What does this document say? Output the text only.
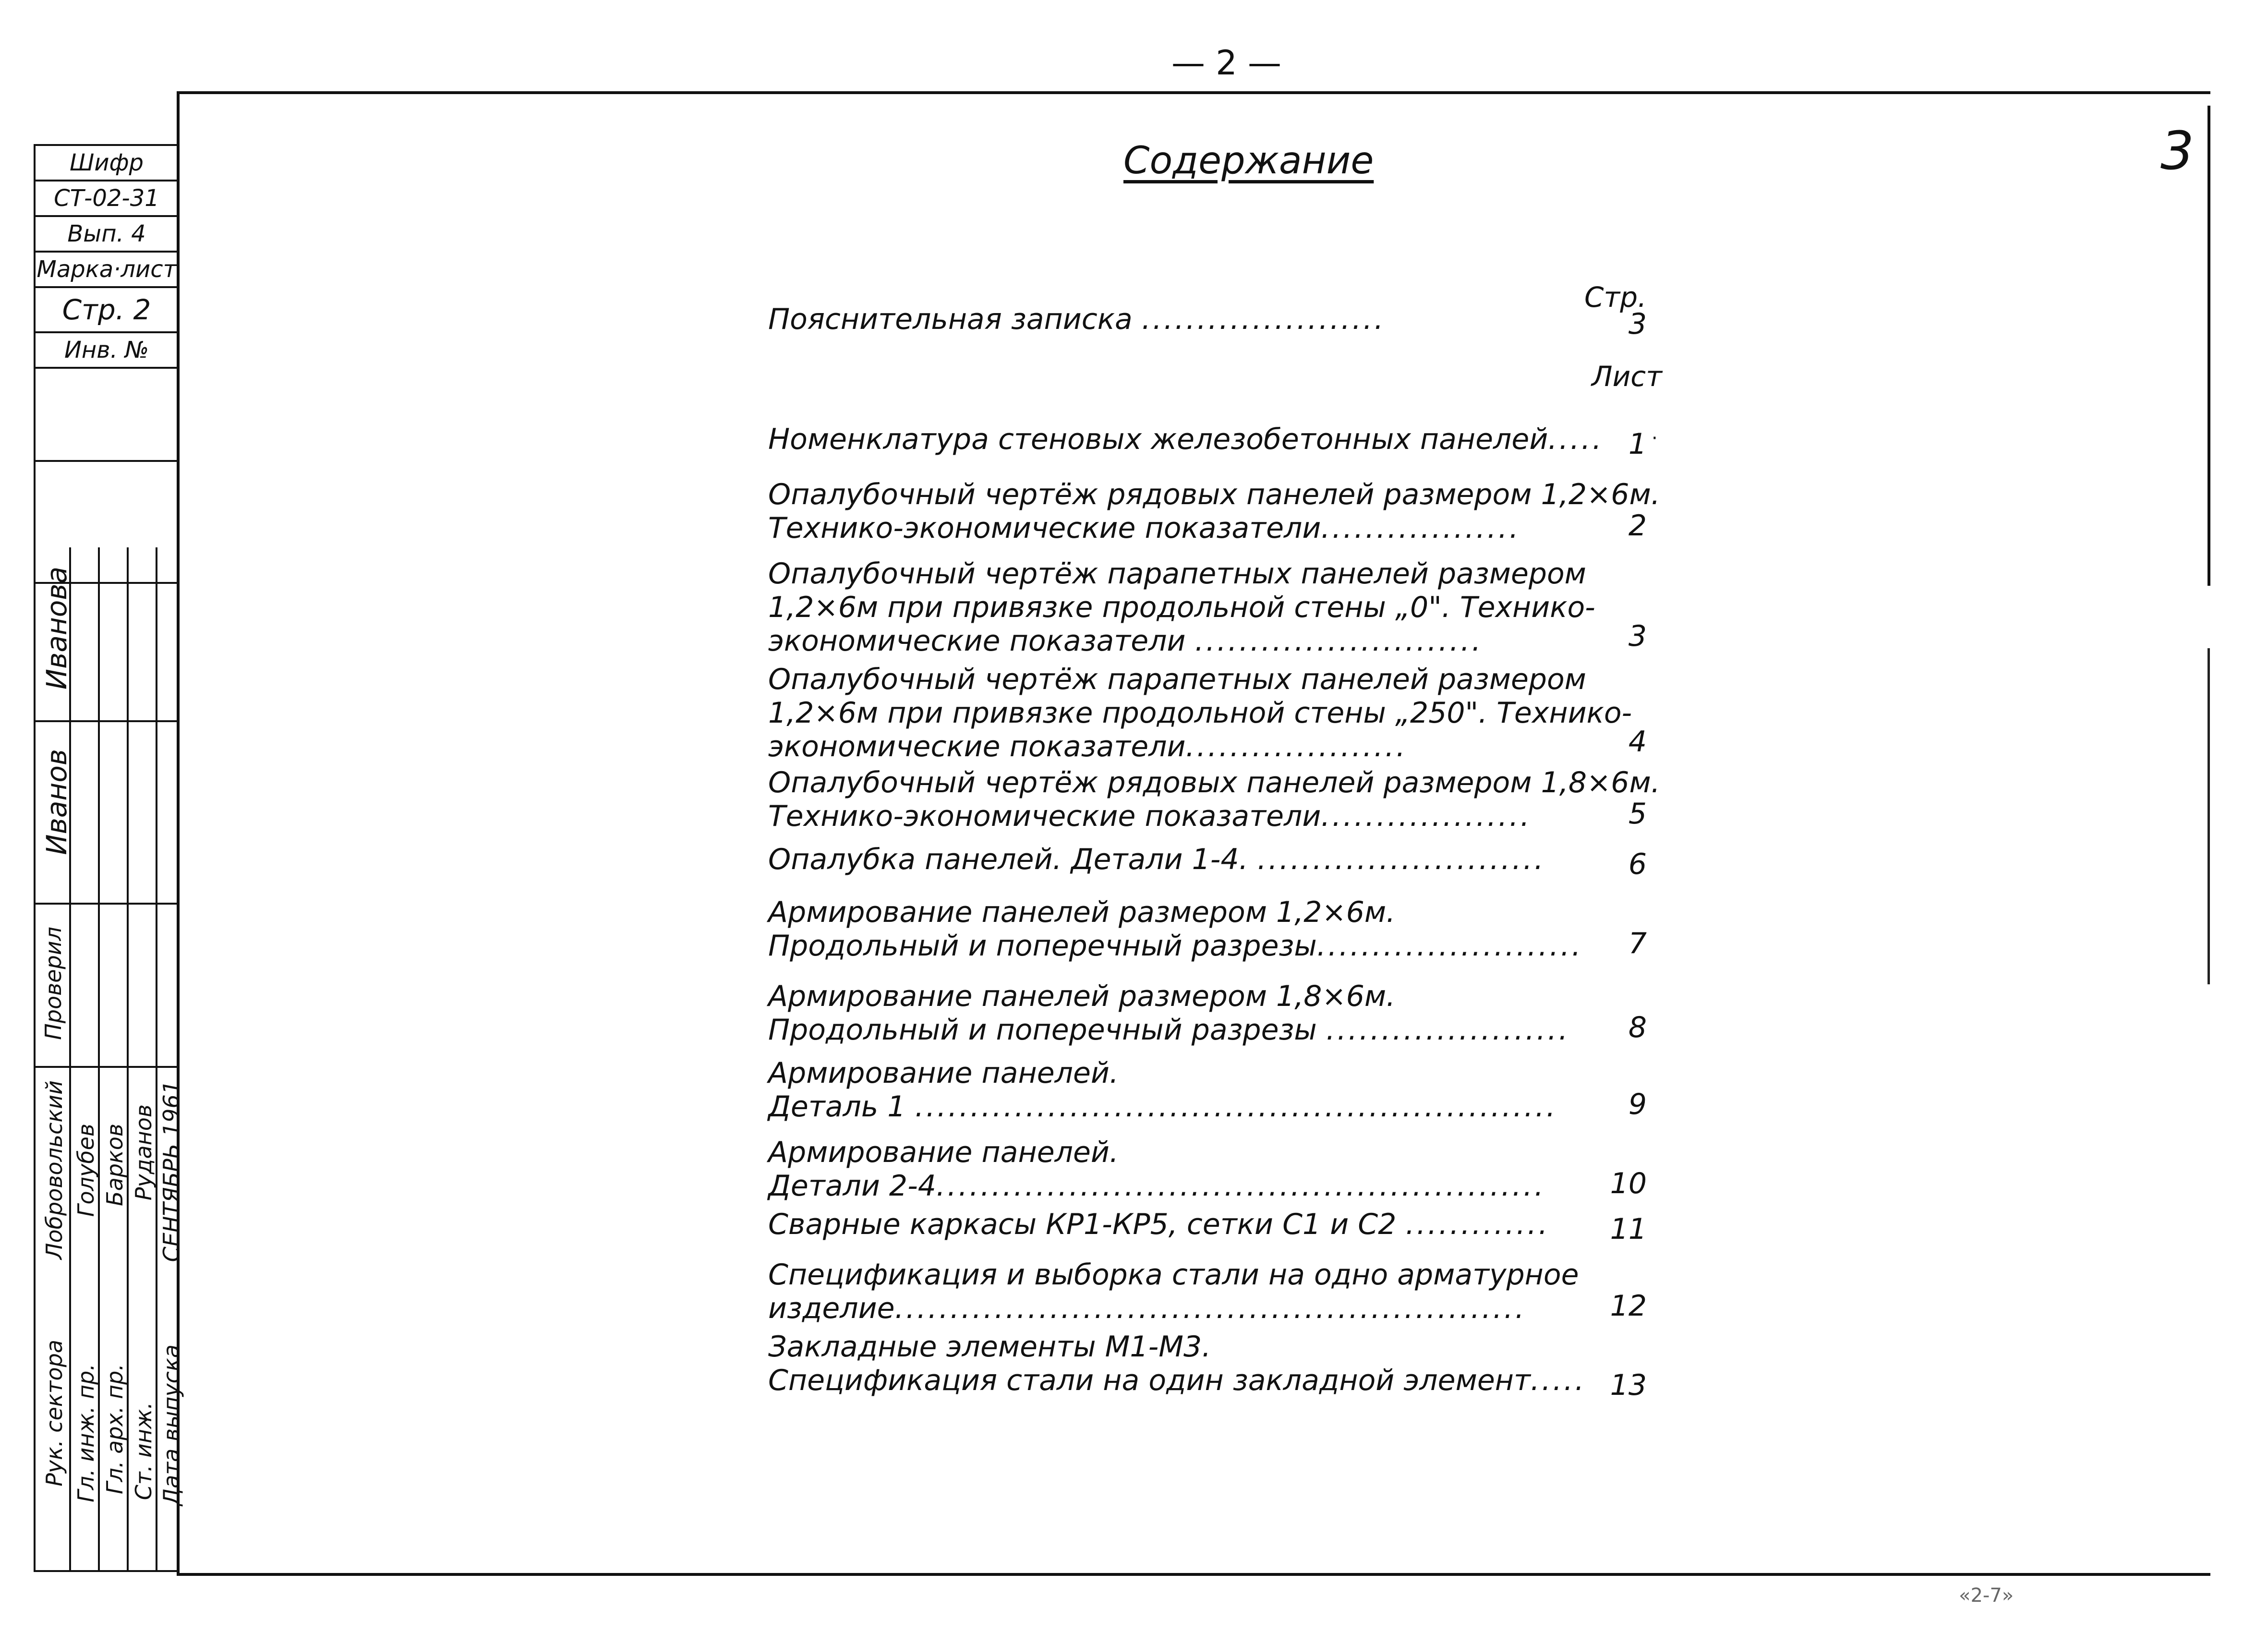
— 2 —
3
Шифр
СТ-02-31
Вып. 4
Марка·лист
Стр. 2
Инв. №
Иванова
Иванов
Проверил
Рук. сектора Гл. инж. пр. Гл. арх. пр. Ст. инж. Дата выпуска
Лобровольский Голубев Барков Руданов СЕНТЯБРЬ 1961
Содержание
Стр.
Лист
·
Пояснительная записка ......................	3
Номенклатура стеновых железобетонных панелей..... 1
Опалубочный чертёж рядовых панелей размером 1,2×6м.
Технико-экономические показатели..................	2
Опалубочный чертёж парапетных панелей размером
1,2×6м при привязке продольной стены „0". Технико-
экономические показатели ..........................	3
Опалубочный чертёж парапетных панелей размером
1,2×6м при привязке продольной стены „250". Технико-
экономические показатели....................	4
Опалубочный чертёж рядовых панелей размером 1,8×6м.
Технико-экономические показатели...................	5
Опалубка панелей. Детали 1-4. ..........................	6
Армирование панелей размером 1,2×6м.
Продольный и поперечный разрезы........................	7
Армирование панелей размером 1,8×6м.
Продольный и поперечный разрезы ......................	8
Армирование панелей.
Деталь 1 ..........................................................	9
Армирование панелей.
Детали 2-4.......................................................	10
Сварные каркасы КР1-КР5, сетки С1 и С2 .............	11
Спецификация и выборка стали на одно арматурное
изделие.........................................................	12
Закладные элементы М1-М3.
Спецификация стали на один закладной элемент..... 13
«2-7»
